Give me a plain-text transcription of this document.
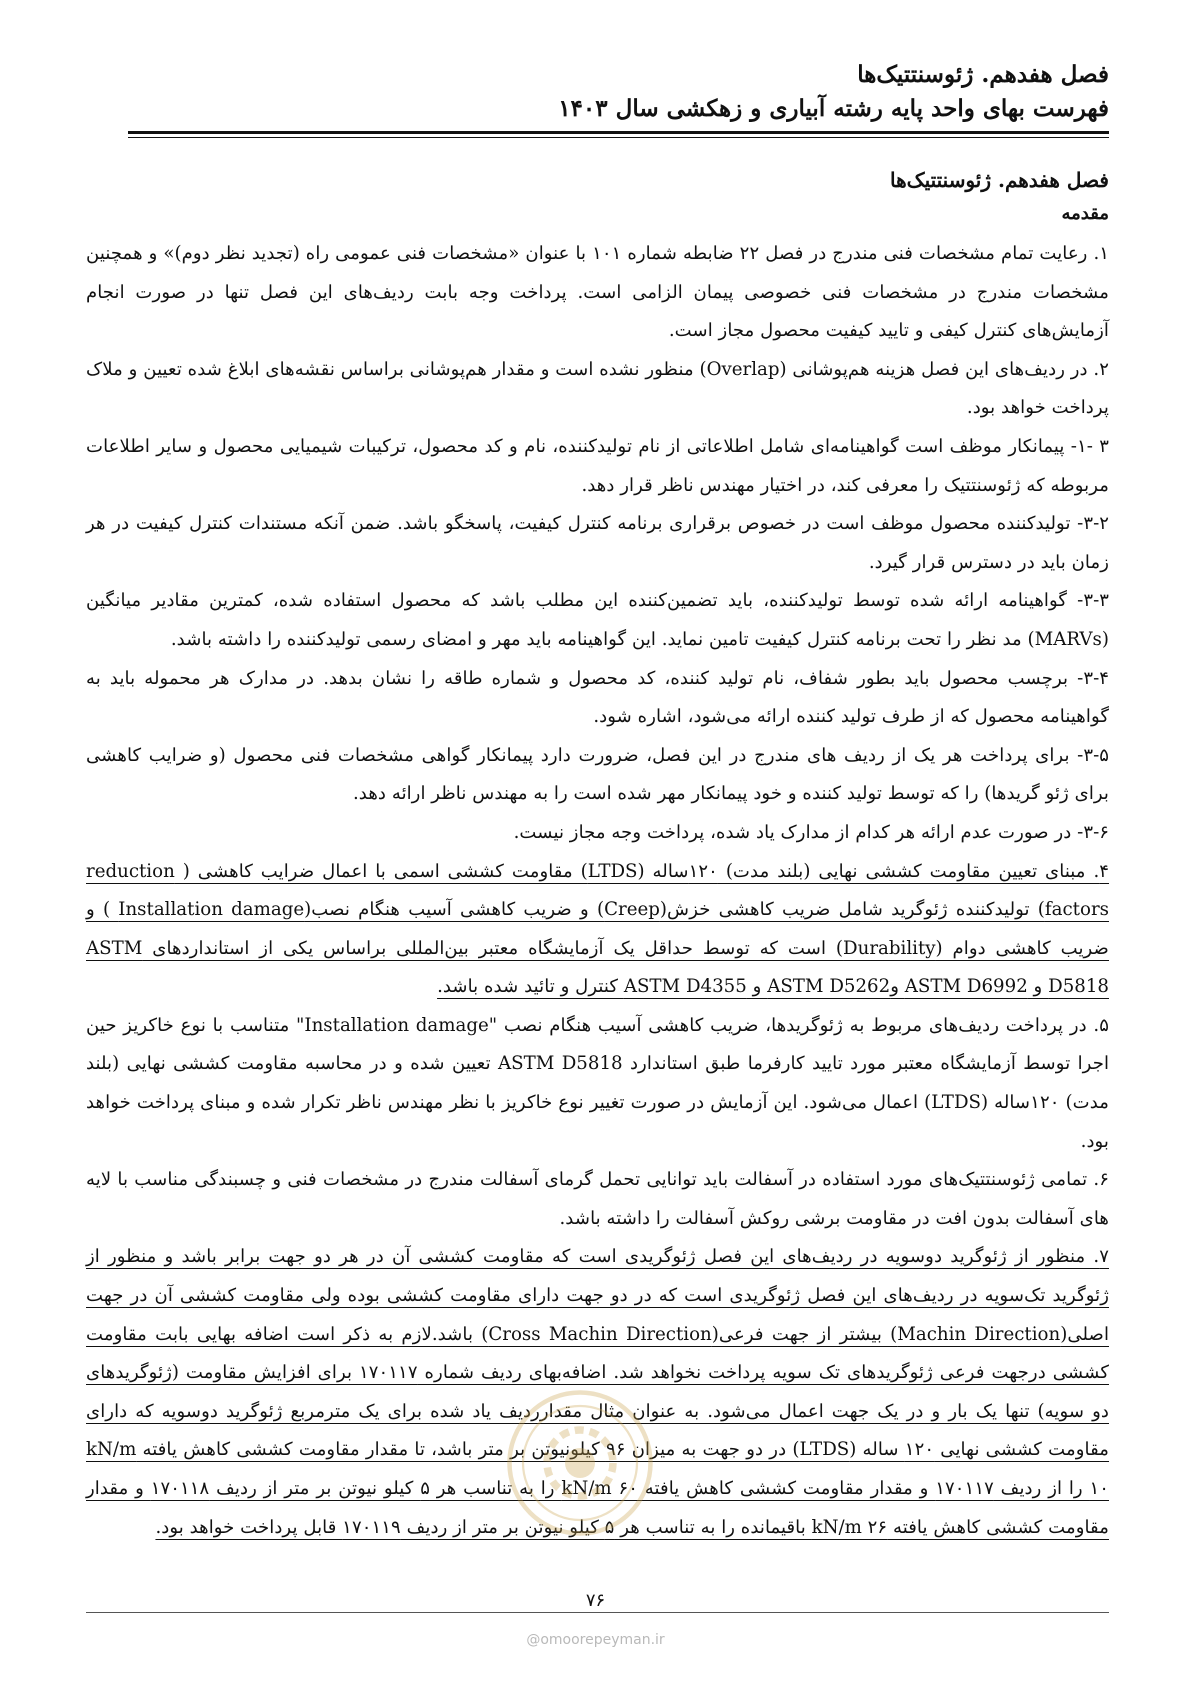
فصل هفدهم. ژئوسنتتیک‌ها
فهرست بهای واحد پایه رشته آبیاری و زهکشی سال ۱۴۰۳
فصل هفدهم. ژئوسنتتیک‌ها
مقدمه

۱. رعایت تمام مشخصات فنی مندرج در فصل ۲۲ ضابطه شماره ۱۰۱ با عنوان «مشخصات فنی عمومی راه (تجدید نظر دوم)» و همچنین مشخصات مندرج در مشخصات فنی خصوصی پیمان الزامی است. پرداخت وجه بابت ردیف‌های این فصل تنها در صورت انجام آزمایش‌های کنترل کیفی و تایید کیفیت محصول مجاز است.

۲. در ردیف‌های این فصل هزینه هم‌پوشانی (Overlap) منظور نشده است و مقدار هم‌پوشانی براساس نقشه‌های ابلاغ شده تعیین و ملاک پرداخت خواهد بود.

۳ -۱- پیمانکار موظف است گواهینامه‌ای شامل اطلاعاتی از نام تولیدکننده، نام و کد محصول، ترکیبات شیمیایی محصول و سایر اطلاعات مربوطه که ژئوسنتتیک را معرفی کند، در اختیار مهندس ناظر قرار دهد.

۳-۲- تولیدکننده محصول موظف است در خصوص برقراری برنامه کنترل کیفیت، پاسخگو باشد. ضمن آنکه مستندات کنترل کیفیت در هر زمان باید در دسترس قرار گیرد.

۳-۳- گواهینامه ارائه شده توسط تولیدکننده، باید تضمین‌کننده این مطلب باشد که محصول استفاده شده، کمترین مقادیر میانگین (MARVs) مد نظر را تحت برنامه کنترل کیفیت تامین نماید. این گواهینامه باید مهر و امضای رسمی تولیدکننده را داشته باشد.

۳-۴- برچسب محصول باید بطور شفاف، نام تولید کننده، کد محصول و شماره طاقه را نشان بدهد. در مدارک هر محموله باید به گواهینامه محصول که از طرف تولید کننده ارائه می‌شود، اشاره شود.

۳-۵- برای پرداخت هر یک از ردیف های مندرج در این فصل، ضرورت دارد پیمانکار گواهی مشخصات فنی محصول (و ضرایب کاهشی برای ژئو گریدها) را که توسط تولید کننده و خود پیمانکار مهر شده است را به مهندس ناظر ارائه دهد.

۳-۶- در صورت عدم ارائه هر کدام از مدارک یاد شده، پرداخت وجه مجاز نیست.

۴. مبنای تعیین مقاومت کششی نهایی (بلند مدت) ۱۲۰ساله (LTDS) مقاومت کششی اسمی با اعمال ضرایب کاهشی ( reduction factors) تولیدکننده ژئوگرید شامل ضریب کاهشی خزش(Creep) و ضریب کاهشی آسیب هنگام نصب(Installation damage ) و ضریب کاهشی دوام (Durability) است که توسط حداقل یک آزمایشگاه معتبر بین‌المللی براساس یکی از استانداردهای ASTM D5818 و ASTM D6992 وASTM D5262 و ASTM D4355 کنترل و تائید شده باشد.

۵. در پرداخت ردیف‌های مربوط به ژئوگریدها، ضریب کاهشی آسیب هنگام نصب "Installation damage" متناسب با نوع خاکریز حین اجرا توسط آزمایشگاه معتبر مورد تایید کارفرما طبق استاندارد ASTM D5818 تعیین شده و در محاسبه مقاومت کششی نهایی (بلند مدت) ۱۲۰ساله (LTDS) اعمال می‌شود. این آزمایش در صورت تغییر نوع خاکریز با نظر مهندس ناظر تکرار شده و مبنای پرداخت خواهد بود.

۶. تمامی ژئوسنتتیک‌های مورد استفاده در آسفالت باید توانایی تحمل گرمای آسفالت مندرج در مشخصات فنی و چسبندگی مناسب با لایه های آسفالت بدون افت در مقاومت برشی روکش آسفالت را داشته باشد.

۷. منظور از ژئوگرید دوسویه در ردیف‌های این فصل ژئوگریدی است که مقاومت کششی آن در هر دو جهت برابر باشد و منظور از ژئوگرید تک‌سویه در ردیف‌های این فصل ژئوگریدی است که در دو جهت دارای مقاومت کششی بوده ولی مقاومت کششی آن در جهت اصلی(Machin Direction) بیشتر از جهت فرعی(Cross Machin Direction) باشد.لازم به ذکر است اضافه بهایی بابت مقاومت کششی درجهت فرعی ژئوگریدهای تک سویه پرداخت نخواهد شد. اضافه‌بهای ردیف شماره ۱۷۰۱۱۷ برای افزایش مقاومت (ژئوگریدهای دو سویه) تنها یک بار و در یک جهت اعمال می‌شود. به عنوان مثال مقدارردیف یاد شده برای یک مترمربع ژئوگرید دوسویه که دارای مقاومت کششی نهایی ۱۲۰ ساله (LTDS) در دو جهت به میزان ۹۶ کیلونیوتن بر متر باشد، تا مقدار مقاومت کششی کاهش یافته kN/m ۱۰ را از ردیف ۱۷۰۱۱۷ و مقدار مقاومت کششی کاهش یافته kN/m ۶۰ را به تناسب هر ۵ کیلو نیوتن بر متر از ردیف ۱۷۰۱۱۸ و مقدار مقاومت کششی کاهش یافته kN/m ۲۶ باقیمانده را به تناسب هر ۵ کیلو نیوتن بر متر از ردیف ۱۷۰۱۱۹ قابل پرداخت خواهد بود.

۷۶
@omoorepeyman.ir
